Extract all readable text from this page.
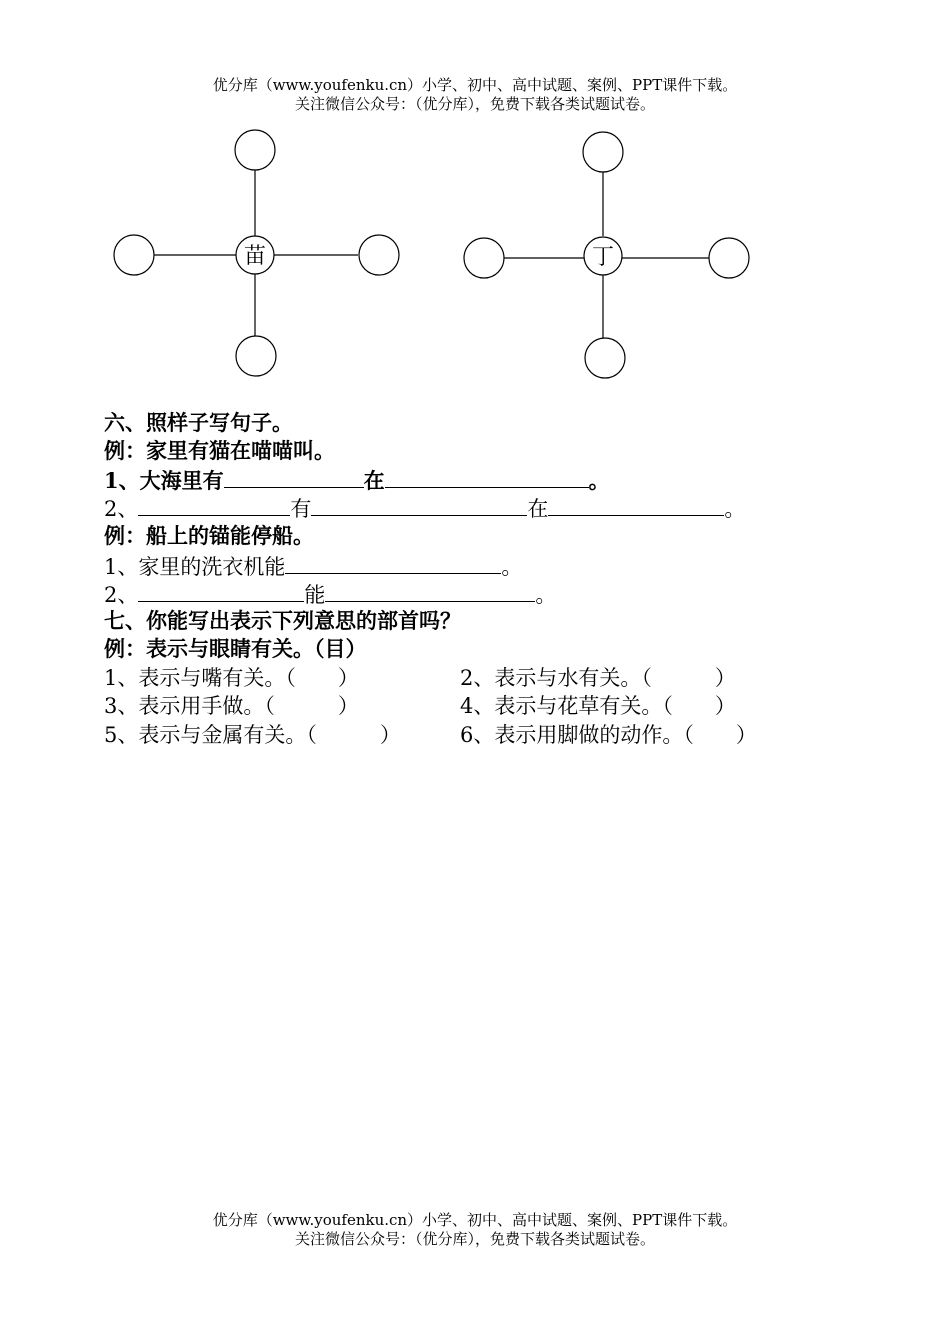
优分库（www.youfenku.cn）小学、初中、高中试题、案例、PPT课件下载。
关注微信公众号：（优分库），免费下载各类试题试卷。
苗	丁
六、照样子写句子。
例：家里有猫在喵喵叫。
1、大海里有	在	。
2、	有	在	。
例：船上的锚能停船。
1、家里的洗衣机能	。
2、	能	。
七、你能写出表示下列意思的部首吗？
例：表示与眼睛有关。（目）
1、表示与嘴有关。（　　）	2、表示与水有关。（　　　）
3、表示用手做。（　　　）	4、表示与花草有关。（　　）
5、表示与金属有关。（　　　）	6、表示用脚做的动作。（　　）
优分库（www.youfenku.cn）小学、初中、高中试题、案例、PPT课件下载。
关注微信公众号：（优分库），免费下载各类试题试卷。
